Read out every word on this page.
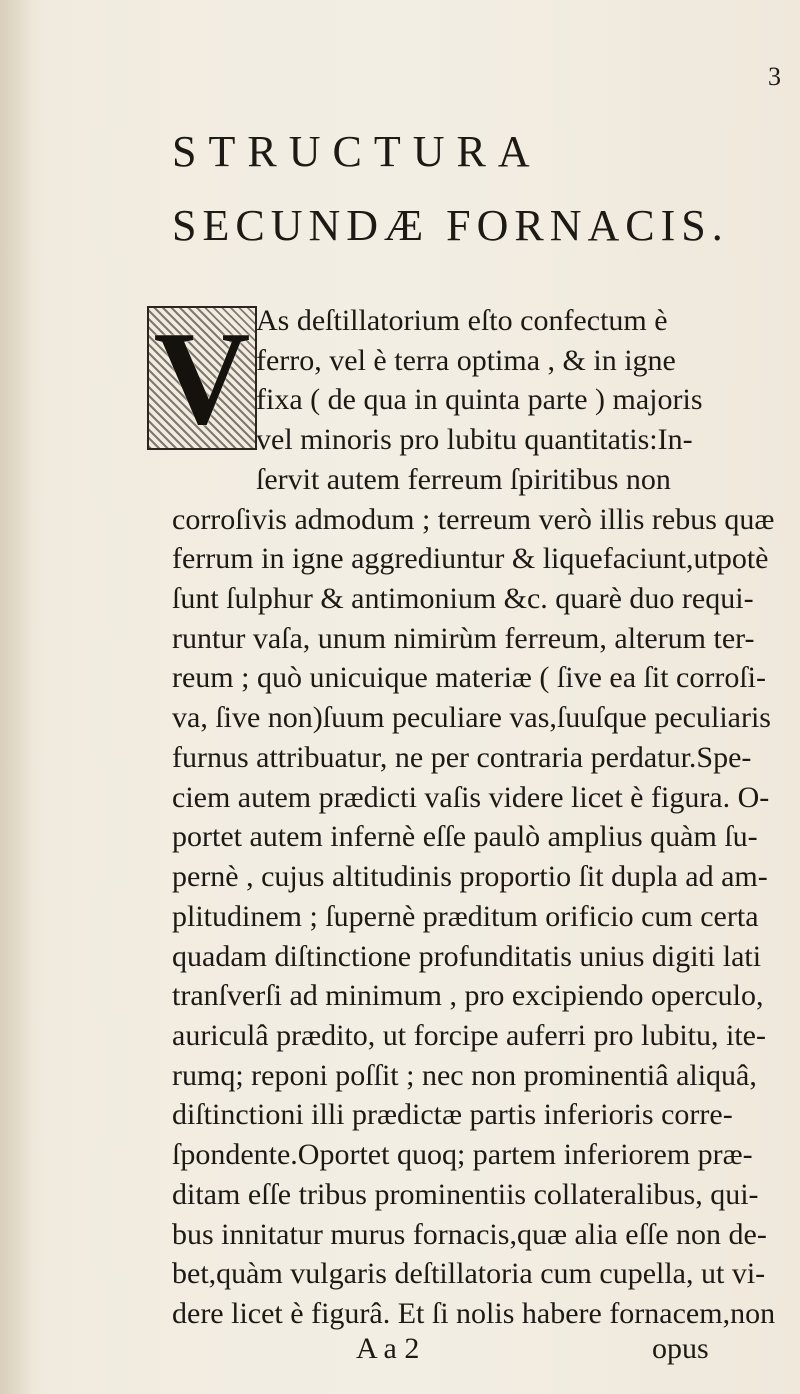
3
STRUCTURA
SECUNDÆ FORNACIS.
V As deſtillatorium eſto confectum è
ferro, vel è terra optima , & in igne
fixa ( de qua in quinta parte ) majoris
vel minoris pro lubitu quantitatis:In-
ſervit autem ferreum ſpiritibus non
corroſivis admodum ; terreum verò illis rebus quæ
ferrum in igne aggrediuntur & liquefaciunt,utpotè
ſunt ſulphur & antimonium &c. quarè duo requi-
runtur vaſa, unum nimirùm ferreum, alterum ter-
reum ; quò unicuique materiæ ( ſive ea ſit corroſi-
va, ſive non)ſuum peculiare vas,ſuuſque peculiaris
furnus attribuatur, ne per contraria perdatur.Spe-
ciem autem prædicti vaſis videre licet è figura. O-
portet autem infernè eſſe paulò amplius quàm ſu-
pernè , cujus altitudinis proportio ſit dupla ad am-
plitudinem ; ſupernè præditum orificio cum certa
quadam diſtinctione profunditatis unius digiti lati
tranſverſi ad minimum , pro excipiendo operculo,
auriculâ prædito, ut forcipe auferri pro lubitu, ite-
rumq; reponi poſſit ; nec non prominentiâ aliquâ,
diſtinctioni illi prædictæ partis inferioris corre-
ſpondente.Oportet quoq; partem inferiorem præ-
ditam eſſe tribus prominentiis collateralibus, qui-
bus innitatur murus fornacis,quæ alia eſſe non de-
bet,quàm vulgaris deſtillatoria cum cupella, ut vi-
dere licet è figurâ. Et ſi nolis habere fornacem,non
A a 2	opus
